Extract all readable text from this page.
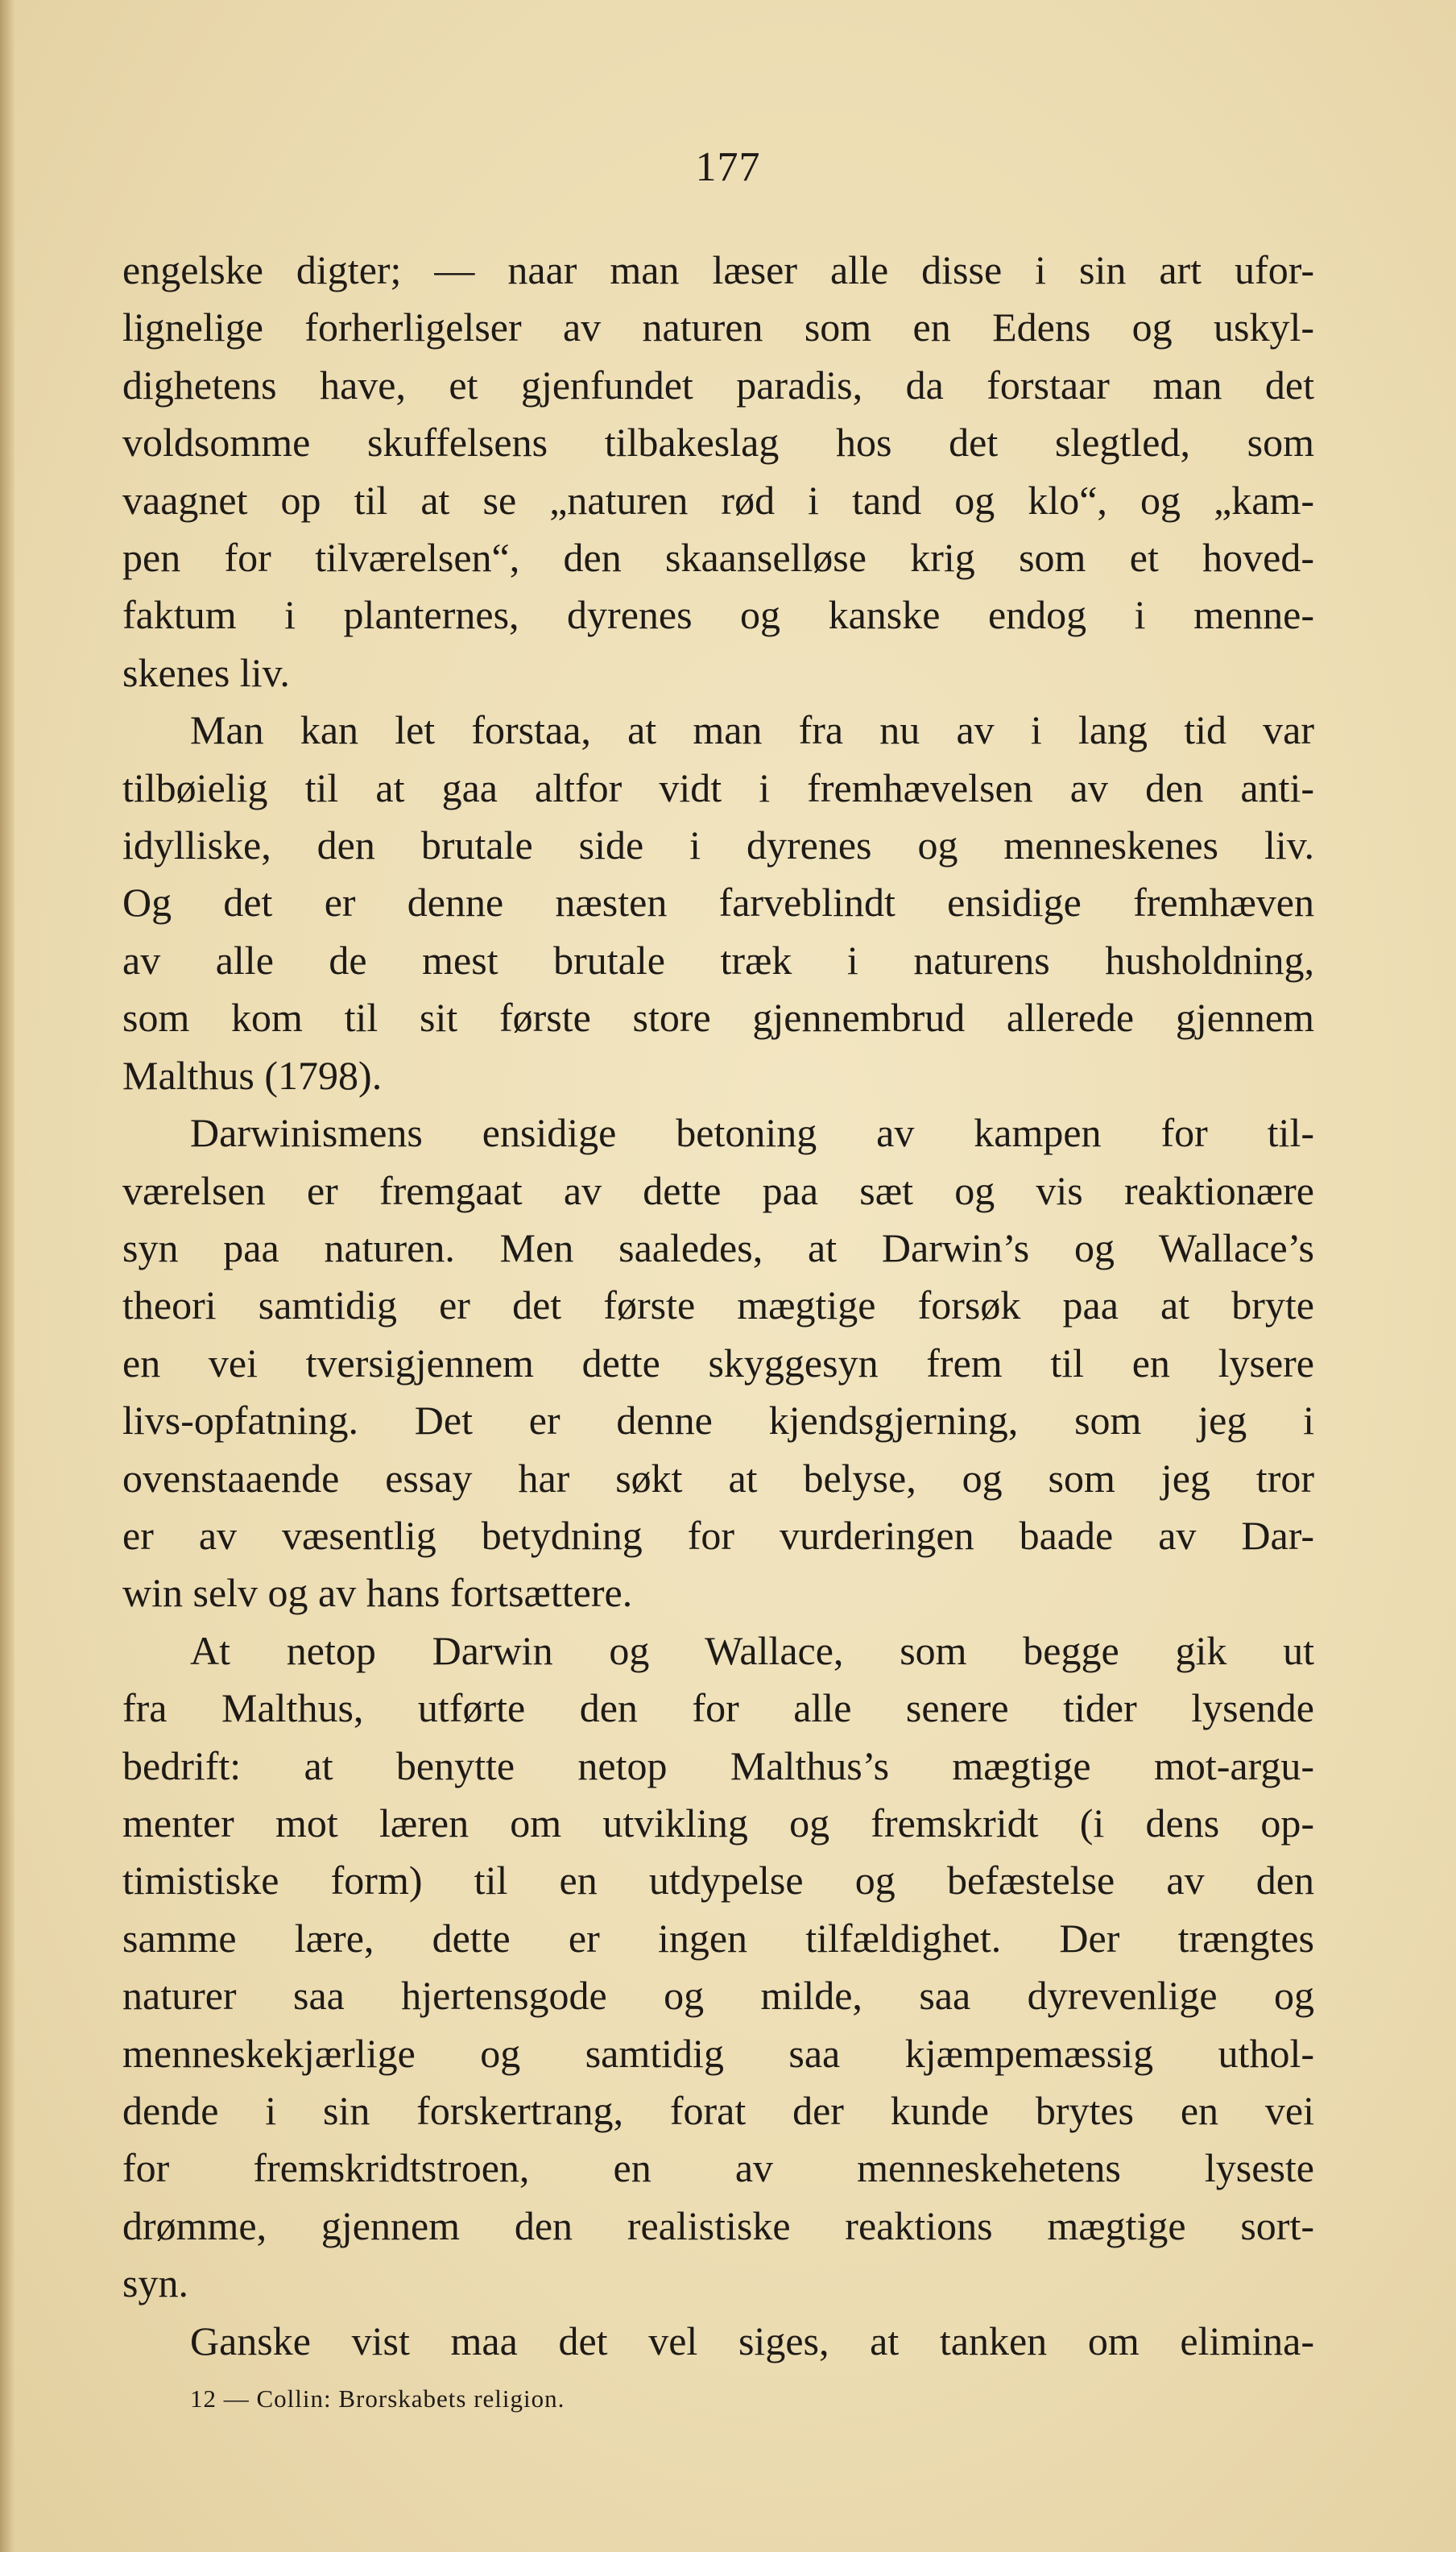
177

engelske digter; — naar man læser alle disse i sin art ufor-
lignelige forherligelser av naturen som en Edens og uskyl-
dighetens have, et gjenfundet paradis, da forstaar man det
voldsomme skuffelsens tilbakeslag hos det slegtled, som
vaagnet op til at se „naturen rød i tand og klo“, og „kam-
pen for tilværelsen“, den skaanselløse krig som et hoved-
faktum i planternes, dyrenes og kanske endog i menne-
skenes liv.

Man kan let forstaa, at man fra nu av i lang tid var
tilbøielig til at gaa altfor vidt i fremhævelsen av den anti-
idylliske, den brutale side i dyrenes og menneskenes liv.
Og det er denne næsten farveblindt ensidige fremhæven
av alle de mest brutale træk i naturens husholdning,
som kom til sit første store gjennembrud allerede gjennem
Malthus (1798).

Darwinismens ensidige betoning av kampen for til-
værelsen er fremgaat av dette paa sæt og vis reaktionære
syn paa naturen. Men saaledes, at Darwin’s og Wallace’s
theori samtidig er det første mægtige forsøk paa at bryte
en vei tversigjennem dette skyggesyn frem til en lysere
livs-opfatning. Det er denne kjendsgjerning, som jeg i
ovenstaaende essay har søkt at belyse, og som jeg tror
er av væsentlig betydning for vurderingen baade av Dar-
win selv og av hans fortsættere.

At netop Darwin og Wallace, som begge gik ut
fra Malthus, utførte den for alle senere tider lysende
bedrift: at benytte netop Malthus’s mægtige mot-argu-
menter mot læren om utvikling og fremskridt (i dens op-
timistiske form) til en utdypelse og befæstelse av den
samme lære, dette er ingen tilfældighet. Der trængtes
naturer saa hjertensgode og milde, saa dyrevenlige og
menneskekjærlige og samtidig saa kjæmpemæssig uthol-
dende i sin forskertrang, forat der kunde brytes en vei
for fremskridtstroen, en av menneskehetens lyseste
drømme, gjennem den realistiske reaktions mægtige sort-
syn.

Ganske vist maa det vel siges, at tanken om elimina-

12 — Collin: Brorskabets religion.
